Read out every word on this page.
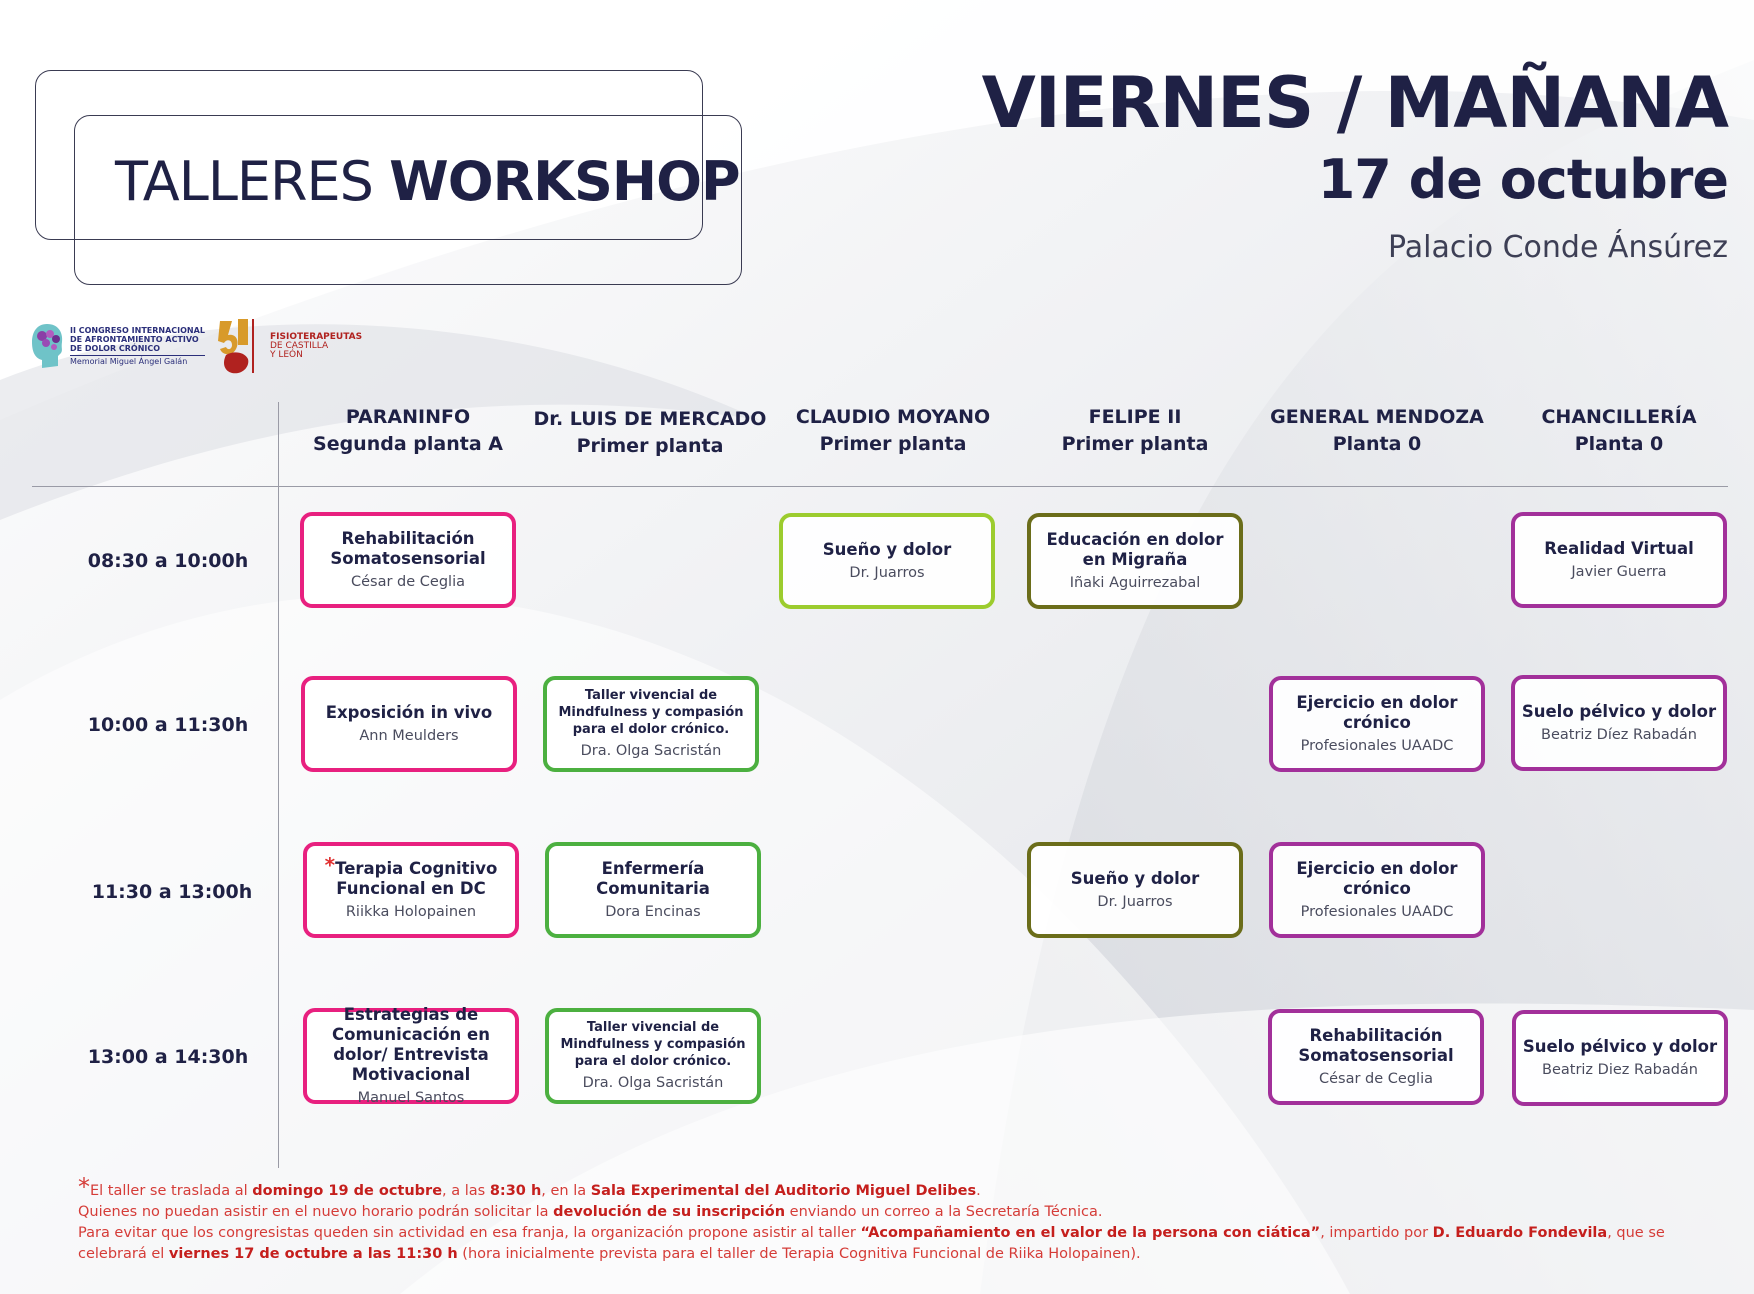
TALLERES WORKSHOP
VIERNES / MAÑANA
17 de octubre
Palacio Conde Ánsúrez
II CONGRESO INTERNACIONAL
DE AFRONTAMIENTO ACTIVO
DE DOLOR CRÓNICO
Memorial Miguel Ángel Galán
FISIOTERAPEUTAS
DE CASTILLA
Y LEÓN
PARANINFO
Segunda planta A
Dr. LUIS DE MERCADO
Primer planta
CLAUDIO MOYANO
Primer planta
FELIPE II
Primer planta
GENERAL MENDOZA
Planta 0
CHANCILLERÍA
Planta 0
08:30 a 10:00h
10:00 a 11:30h
11:30 a 13:00h
13:00 a 14:30h
Rehabilitación Somatosensorial
César de Ceglia
Sueño y dolor
Dr. Juarros
Educación en dolor en Migraña
Iñaki Aguirrezabal
Realidad Virtual
Javier Guerra
Exposición in vivo
Ann Meulders
Taller vivencial de Mindfulness y compasión para el dolor crónico.
Dra. Olga Sacristán
Ejercicio en dolor crónico
Profesionales UAADC
Suelo pélvico y dolor
Beatriz Díez Rabadán
*Terapia Cognitivo Funcional en DC
Riikka Holopainen
Enfermería Comunitaria
Dora Encinas
Sueño y dolor
Dr. Juarros
Ejercicio en dolor crónico
Profesionales UAADC
Estrategias de Comunicación en dolor/ Entrevista Motivacional
Manuel Santos
Taller vivencial de Mindfulness y compasión para el dolor crónico.
Dra. Olga Sacristán
Rehabilitación Somatosensorial
César de Ceglia
Suelo pélvico y dolor
Beatriz Diez Rabadán
*El taller se traslada al domingo 19 de octubre, a las 8:30 h, en la Sala Experimental del Auditorio Miguel Delibes.
Quienes no puedan asistir en el nuevo horario podrán solicitar la devolución de su inscripción enviando un correo a la Secretaría Técnica.
Para evitar que los congresistas queden sin actividad en esa franja, la organización propone asistir al taller “Acompañamiento en el valor de la persona con ciática”, impartido por D. Eduardo Fondevila, que se celebrará el viernes 17 de octubre a las 11:30 h (hora inicialmente prevista para el taller de Terapia Cognitiva Funcional de Riika Holopainen).
